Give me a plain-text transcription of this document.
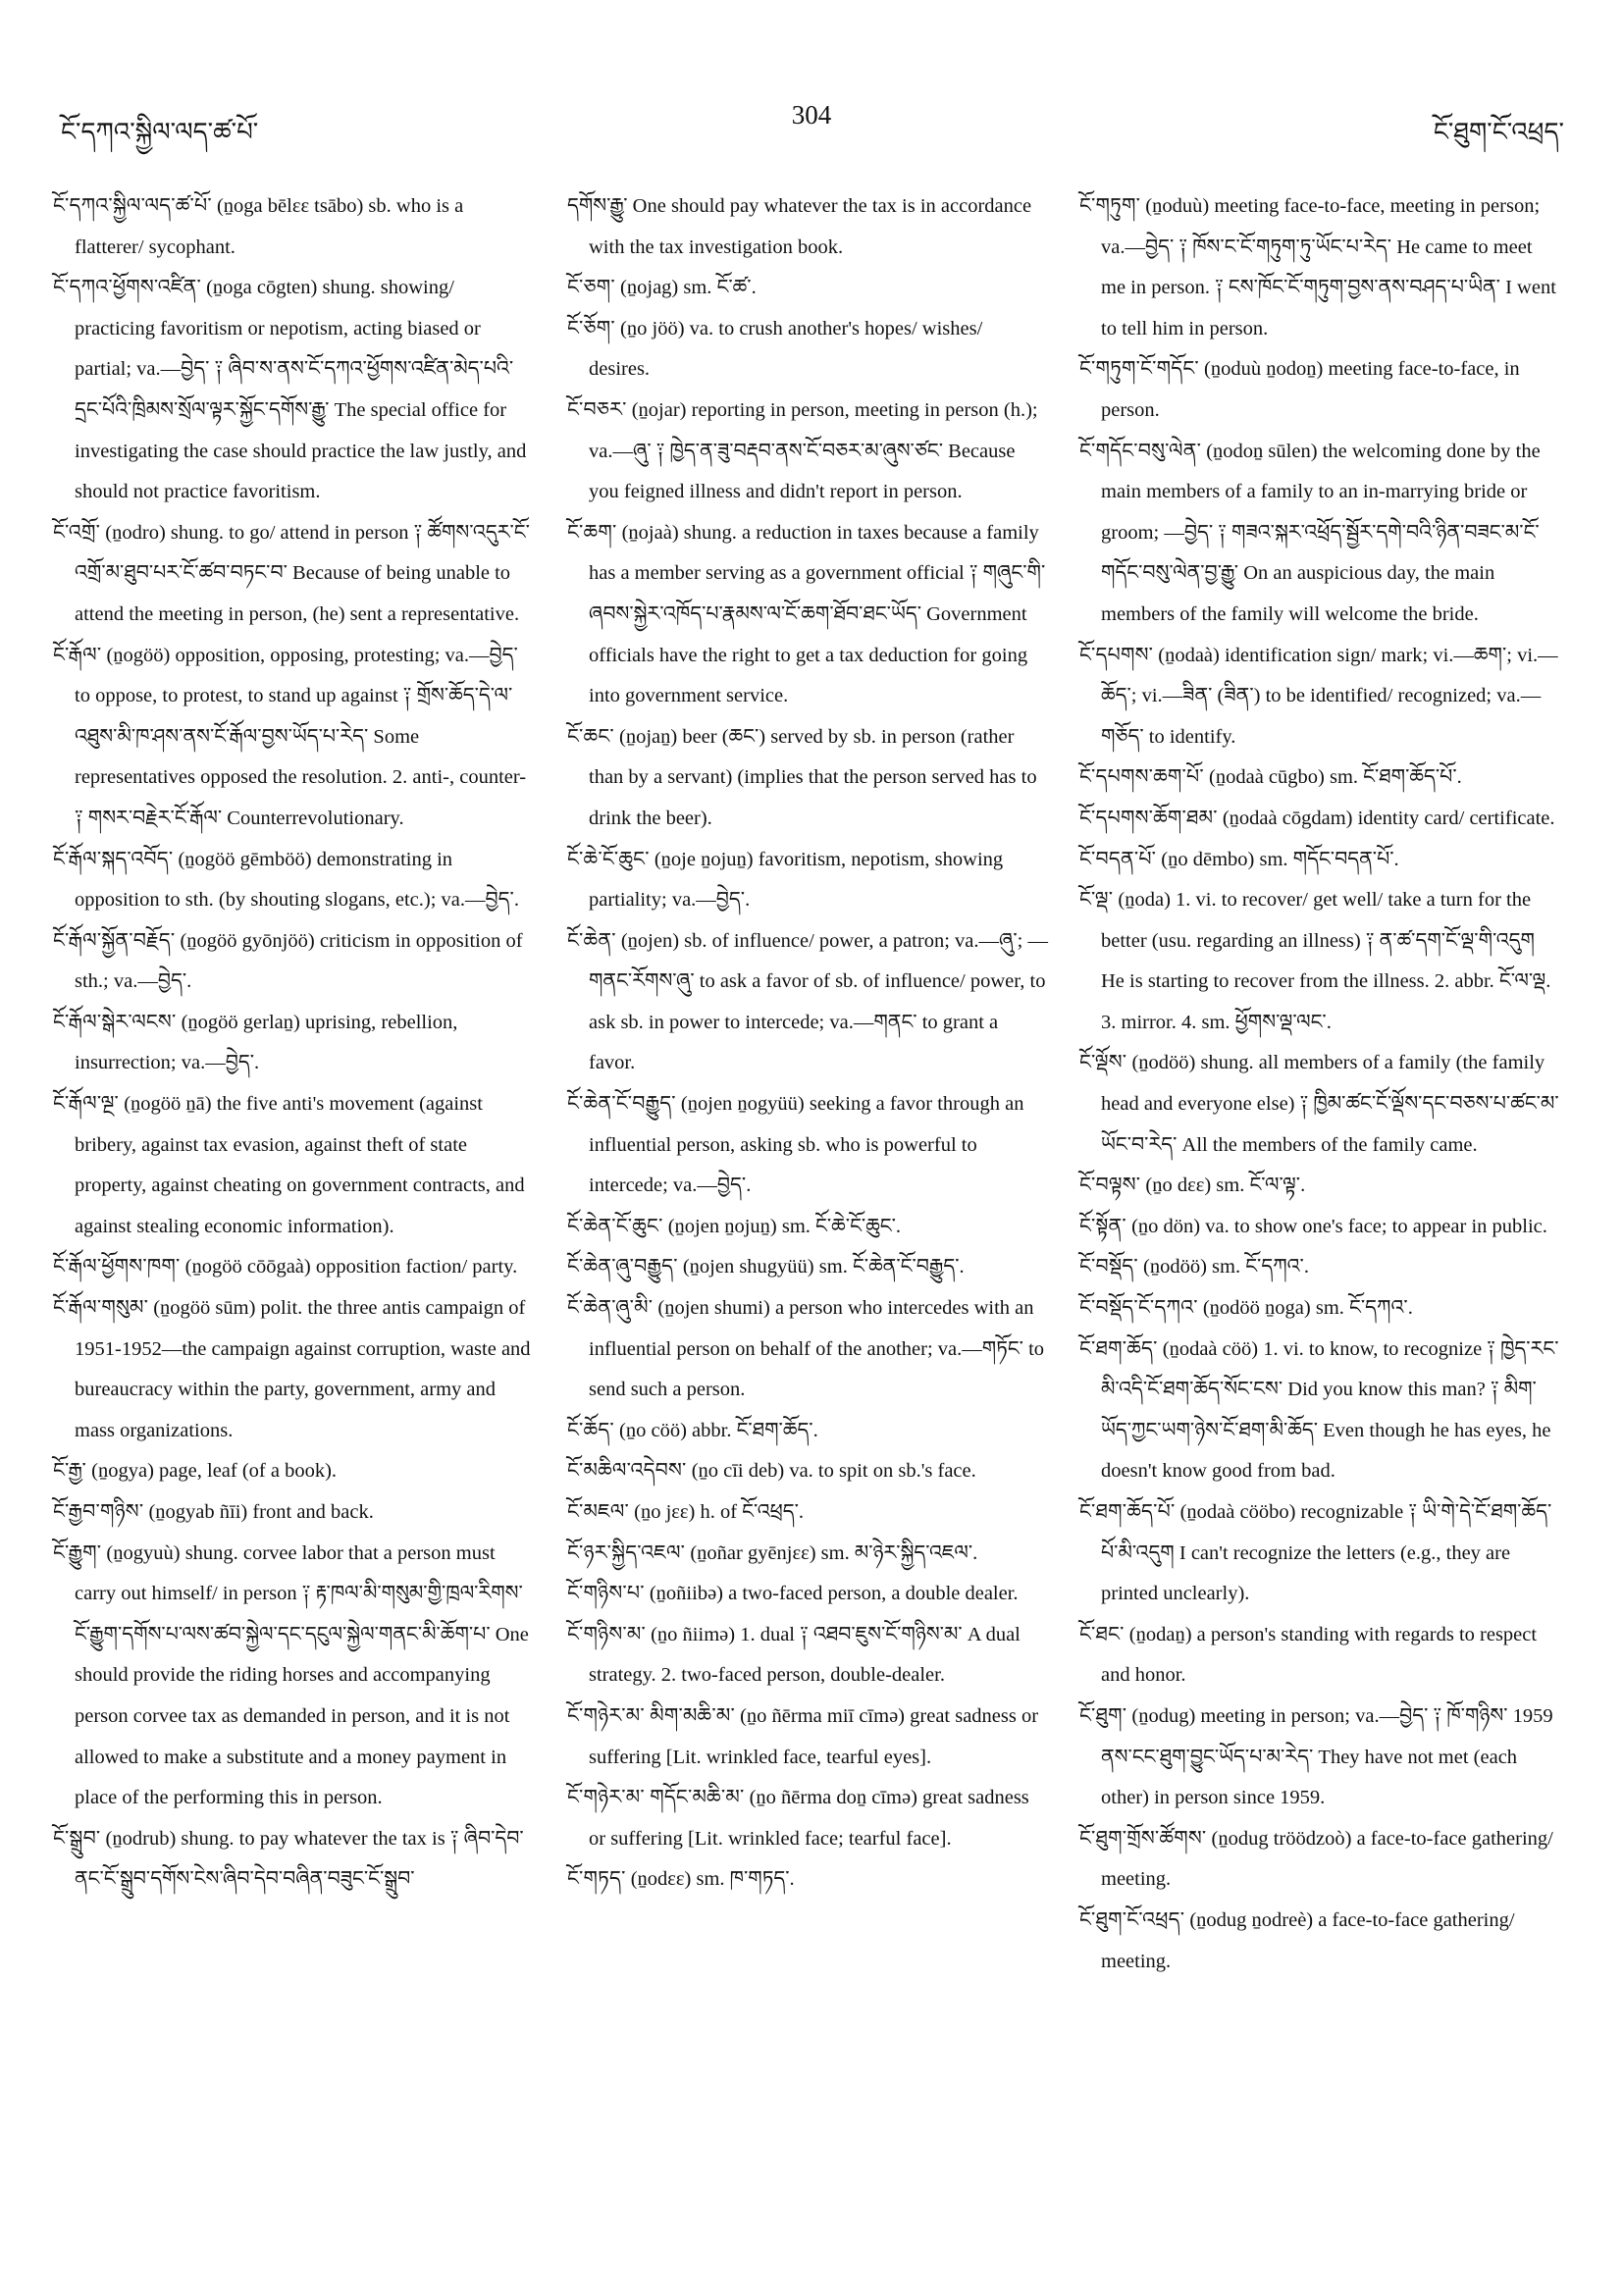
ངོ་དཀའ་སྐྱིལ་ལད་ཚ་པོ་
304
ངོ་ཐུག་ངོ་འཕྲད་

ངོ་དཀའ་སྐྱིལ་ལད་ཚ་པོ་ (ṉoga bēlεε tsābo) sb. who is a flatterer/ sycophant.

ངོ་དཀའ་ཕྱོགས་འཛིན་ (ṉoga cōgten) shung. showing/ practicing favoritism or nepotism, acting biased or partial; va.—བྱེད་ ༑ ཞིབ་ས་ནས་ངོ་དཀའ་ཕྱོགས་འཛིན་མེད་པའི་དྲང་པོའི་ཁྲིམས་སྲོལ་ལྟར་སྐྱོང་དགོས་རྒྱུ་ The special office for investigating the case should practice the law justly, and should not practice favoritism.

ངོ་འགྲོ་ (ṉodro) shung. to go/ attend in person ༑ ཚོགས་འདུར་ངོ་འགྲོ་མ་ཐུབ་པར་ངོ་ཚབ་བཏང་བ་ Because of being unable to attend the meeting in person, (he) sent a representative.

ངོ་རྒོལ་ (ṉogöö) opposition, opposing, protesting; va.—བྱེད་ to oppose, to protest, to stand up against ༑ གྲོས་ཆོད་དེ་ལ་འཐུས་མི་ཁ་ཤས་ནས་ངོ་རྒོལ་བྱས་ཡོད་པ་རེད་ Some representatives opposed the resolution. 2. anti-, counter- ༑ གསར་བརྗེར་ངོ་རྒོལ་ Counterrevolutionary.

ངོ་རྒོལ་སྐད་འབོད་ (ṉogöö gēmböö) demonstrating in opposition to sth. (by shouting slogans, etc.); va.—བྱེད་.

ངོ་རྒོལ་སྐྱོན་བརྗོད་ (ṉogöö gyōnjöö) criticism in opposition of sth.; va.—བྱེད་.

ངོ་རྒོལ་སྒེར་ལངས་ (ṉogöö gerlaṉ) uprising, rebellion, insurrection; va.—བྱེད་.

ངོ་རྒོལ་ལྔ་ (ṉogöö ṉā) the five anti's movement (against bribery, against tax evasion, against theft of state property, against cheating on government contracts, and against stealing economic information).

ངོ་རྒོལ་ཕྱོགས་ཁག་ (ṉogöö cōōgaà) opposition faction/ party.

ངོ་རྒོལ་གསུམ་ (ṉogöö sūm) polit. the three antis campaign of 1951-1952—the campaign against corruption, waste and bureaucracy within the party, government, army and mass organizations.

ངོ་རྒྱ་ (ṉogya) page, leaf (of a book).

ངོ་རྒྱབ་གཉིས་ (ṉogyab ñīi) front and back.

ངོ་རྒྱུག་ (ṉogyuù) shung. corvee labor that a person must carry out himself/ in person ༑ རྟ་ཁལ་མི་གསུམ་གྱི་ཁྲལ་རིགས་ངོ་རྒྱུག་དགོས་པ་ལས་ཚབ་སྐྱེལ་དང་དངུལ་སྐྱེལ་གནང་མི་ཆོག་པ་ One should provide the riding horses and accompanying person corvee tax as demanded in person, and it is not allowed to make a substitute and a money payment in place of the performing this in person.

ངོ་སྒྲུབ་ (ṉodrub) shung. to pay whatever the tax is ༑ ཞིབ་དེབ་ནང་ངོ་སྒྲུབ་དགོས་ངེས་ཞིབ་དེབ་བཞིན་བཟུང་ངོ་སྒྲུབ་

དགོས་རྒྱུ་ One should pay whatever the tax is in accordance with the tax investigation book.

ངོ་ཅག་ (ṉojag) sm. ངོ་ཚ་.

ངོ་ཅོག་ (ṉo jöö) va. to crush another's hopes/ wishes/ desires.

ངོ་བཅར་ (ṉojar) reporting in person, meeting in person (h.); va.—ཞུ་ ༑ ཁྱེད་ན་ཟུ་བརྡབ་ནས་ངོ་བཅར་མ་ཞུས་ཙང་ Because you feigned illness and didn't report in person.

ངོ་ཆག་ (ṉojaà) shung. a reduction in taxes because a family has a member serving as a government official ༑ གཞུང་གི་ཞབས་སྐྱེར་འཁོད་པ་རྣམས་ལ་ངོ་ཆག་ཐོབ་ཐང་ཡོད་ Government officials have the right to get a tax deduction for going into government service.

ངོ་ཆང་ (ṉojaṉ) beer (ཆང་) served by sb. in person (rather than by a servant) (implies that the person served has to drink the beer).

ངོ་ཆེ་ངོ་ཆུང་ (ṉoje ṉojuṉ) favoritism, nepotism, showing partiality; va.—བྱེད་.

ངོ་ཆེན་ (ṉojen) sb. of influence/ power, a patron; va.—ཞུ་; —གནང་རོགས་ཞུ་ to ask a favor of sb. of influence/ power, to ask sb. in power to intercede; va.—གནང་ to grant a favor.

ངོ་ཆེན་ངོ་བརྒྱུད་ (ṉojen ṉogyüü) seeking a favor through an influential person, asking sb. who is powerful to intercede; va.—བྱེད་.

ངོ་ཆེན་ངོ་ཆུང་ (ṉojen ṉojuṉ) sm. ངོ་ཆེ་ངོ་ཆུང་.

ངོ་ཆེན་ཞུ་བརྒྱུད་ (ṉojen shugyüü) sm. ངོ་ཆེན་ངོ་བརྒྱུད་.

ངོ་ཆེན་ཞུ་མི་ (ṉojen shumi) a person who intercedes with an influential person on behalf of the another; va.—གཏོང་ to send such a person.

ངོ་ཆོད་ (ṉo cöö) abbr. ངོ་ཐག་ཆོད་.

ངོ་མཆིལ་འདེབས་ (ṉo cīi deb) va. to spit on sb.'s face.

ངོ་མཇལ་ (ṉo jεε) h. of ངོ་འཕྲད་.

ངོ་ཉར་སྐྱིད་འཇལ་ (ṉoñar gyēnjεε) sm. མ་ཉེར་སྐྱིད་འཇལ་.

ངོ་གཉིས་པ་ (ṉoñiibə) a two-faced person, a double dealer.

ངོ་གཉིས་མ་ (ṉo ñiimə) 1. dual ༑ འཐབ་ཇུས་ངོ་གཉིས་མ་ A dual strategy. 2. two-faced person, double-dealer.

ངོ་གཉེར་མ་ མིག་མཆི་མ་ (ṉo ñērma miī cīmə) great sadness or suffering [Lit. wrinkled face, tearful eyes].

ངོ་གཉེར་མ་ གདོང་མཆི་མ་ (ṉo ñērma doṉ cīmə) great sadness or suffering [Lit. wrinkled face; tearful face].

ངོ་གཏད་ (ṉodεε) sm. ཁ་གཏད་.

ངོ་གཏུག་ (ṉoduù) meeting face-to-face, meeting in person; va.—བྱེད་ ༑ ཁོས་ང་ངོ་གཏུག་ཏུ་ཡོང་པ་རེད་ He came to meet me in person. ༑ ངས་ཁོང་ངོ་གཏུག་བྱས་ནས་བཤད་པ་ཡིན་ I went to tell him in person.

ངོ་གཏུག་ངོ་གདོང་ (ṉoduù ṉodoṉ) meeting face-to-face, in person.

ངོ་གདོང་བསུ་ལེན་ (ṉodoṉ sūlen) the welcoming done by the main members of a family to an in-marrying bride or groom; —བྱེད་ ༑ གཟའ་སྐར་འཕྲོད་སྦྱོར་དགེ་བའི་ཉིན་བཟང་མ་ངོ་གདོང་བསུ་ལེན་བྱ་རྒྱུ་ On an auspicious day, the main members of the family will welcome the bride.

ངོ་དཔགས་ (ṉodaà) identification sign/ mark; vi.—ཆག་; vi.—ཆོད་; vi.—ཟིན་ (ཟིན་) to be identified/ recognized; va.—གཅོད་ to identify.

ངོ་དཔགས་ཆག་པོ་ (ṉodaà cūgbo) sm. ངོ་ཐག་ཆོད་པོ་.

ངོ་དཔགས་ཆོག་ཐམ་ (ṉodaà cōgdam) identity card/ certificate.

ངོ་བདན་པོ་ (ṉo dēmbo) sm. གདོང་བདན་པོ་.

ངོ་ལྡ་ (ṉoda) 1. vi. to recover/ get well/ take a turn for the better (usu. regarding an illness) ༑ ན་ཚ་དག་ངོ་ལྡ་གི་འདུག He is starting to recover from the illness. 2. abbr. ངོ་ལ་ལྡ. 3. mirror. 4. sm. ཕྱོགས་ལྡ་ལང་.

ངོ་ལྡོས་ (ṉodöö) shung. all members of a family (the family head and everyone else) ༑ ཁྱིམ་ཚང་ངོ་ལྡོས་དང་བཅས་པ་ཚང་མ་ཡོང་བ་རེད་ All the members of the family came.

ངོ་བལྟས་ (ṉo dεε) sm. ངོ་ལ་ལྟ་.

ངོ་སྟོན་ (ṉo dön) va. to show one's face; to appear in public.

ངོ་བསྡོད་ (ṉodöö) sm. ངོ་དཀའ་.

ངོ་བསྡོད་ངོ་དཀའ་ (ṉodöö ṉoga) sm. ངོ་དཀའ་.

ངོ་ཐག་ཆོད་ (ṉodaà cöö) 1. vi. to know, to recognize ༑ ཁྱེད་རང་མི་འདི་ངོ་ཐག་ཆོད་སོང་ངས་ Did you know this man? ༑ མིག་ཡོད་ཀྱང་ཡག་ཉེས་ངོ་ཐག་མི་ཆོད་ Even though he has eyes, he doesn't know good from bad.

ངོ་ཐག་ཆོད་པོ་ (ṉodaà cööbo) recognizable ༑ ཡི་གེ་དེ་ངོ་ཐག་ཆོད་པོ་མི་འདུག I can't recognize the letters (e.g., they are printed unclearly).

ངོ་ཐང་ (ṉodaṉ) a person's standing with regards to respect and honor.

ངོ་ཐུག་ (ṉodug) meeting in person; va.—བྱེད་ ༑ ཁོ་གཉིས་ 1959 ནས་ངང་ཐུག་བྱུང་ཡོད་པ་མ་རེད་ They have not met (each other) in person since 1959.

ངོ་ཐུག་གྲོས་ཚོགས་ (ṉodug tröödzoò) a face-to-face gathering/ meeting.

ངོ་ཐུག་ངོ་འཕྲད་ (ṉodug ṉodreè) a face-to-face gathering/ meeting.
